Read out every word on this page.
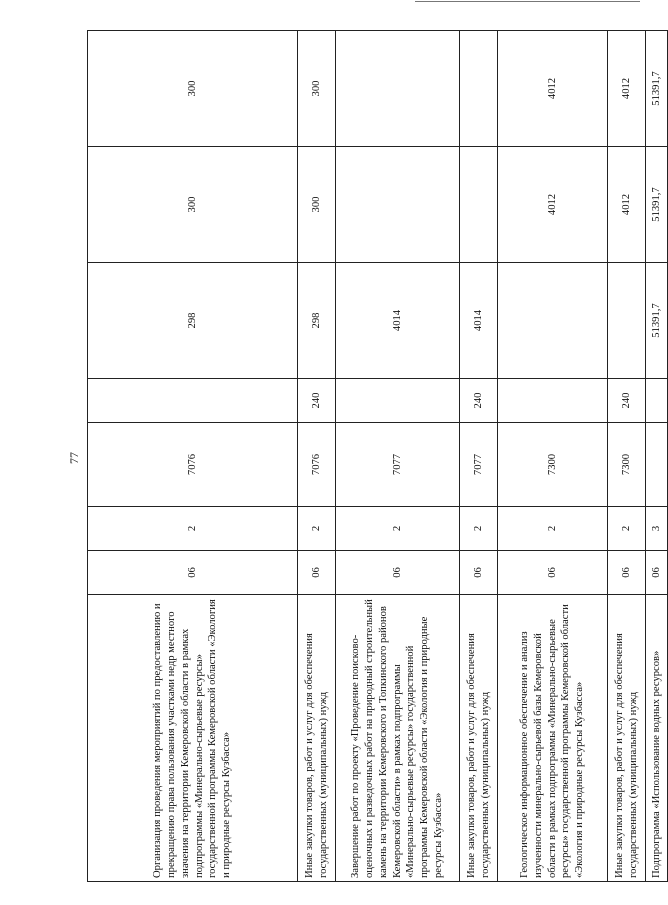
77
Организация проведения мероприятий по предоставлению и прекращению права пользования участками недр местного значения на территории Кемеровской области в рамках подпрограммы «Минерально-сырьевые ресурсы» государственной программы Кемеровской области «Экология и природные ресурсы Кузбасса»	06	2	7076		298	300	300
Иные закупки товаров, работ и услуг для обеспечения государственных (муниципальных) нужд	06	2	7076	240	298	300	300
Завершение работ по проекту «Проведение поисково-оценочных и разведочных работ на природный строительный камень на территории Кемеровского и Топкинского районов Кемеровской области» в рамках подпрограммы «Минерально-сырьевые ресурсы» государственной программы Кемеровской области «Экология и природные ресурсы Кузбасса»	06	2	7077		4014		
Иные закупки товаров, работ и услуг для обеспечения государственных (муниципальных) нужд	06	2	7077	240	4014		
Геологическое информационное обеспечение и анализ изученности минерально-сырьевой базы Кемеровской области в рамках подпрограммы «Минерально-сырьевые ресурсы» государственной программы Кемеровской области «Экология и природные ресурсы Кузбасса»	06	2	7300			4012	4012
Иные закупки товаров, работ и услуг для обеспечения государственных (муниципальных) нужд	06	2	7300	240		4012	4012
Подпрограмма «Использование водных ресурсов»	06	3			51391,7	51391,7	51391,7
